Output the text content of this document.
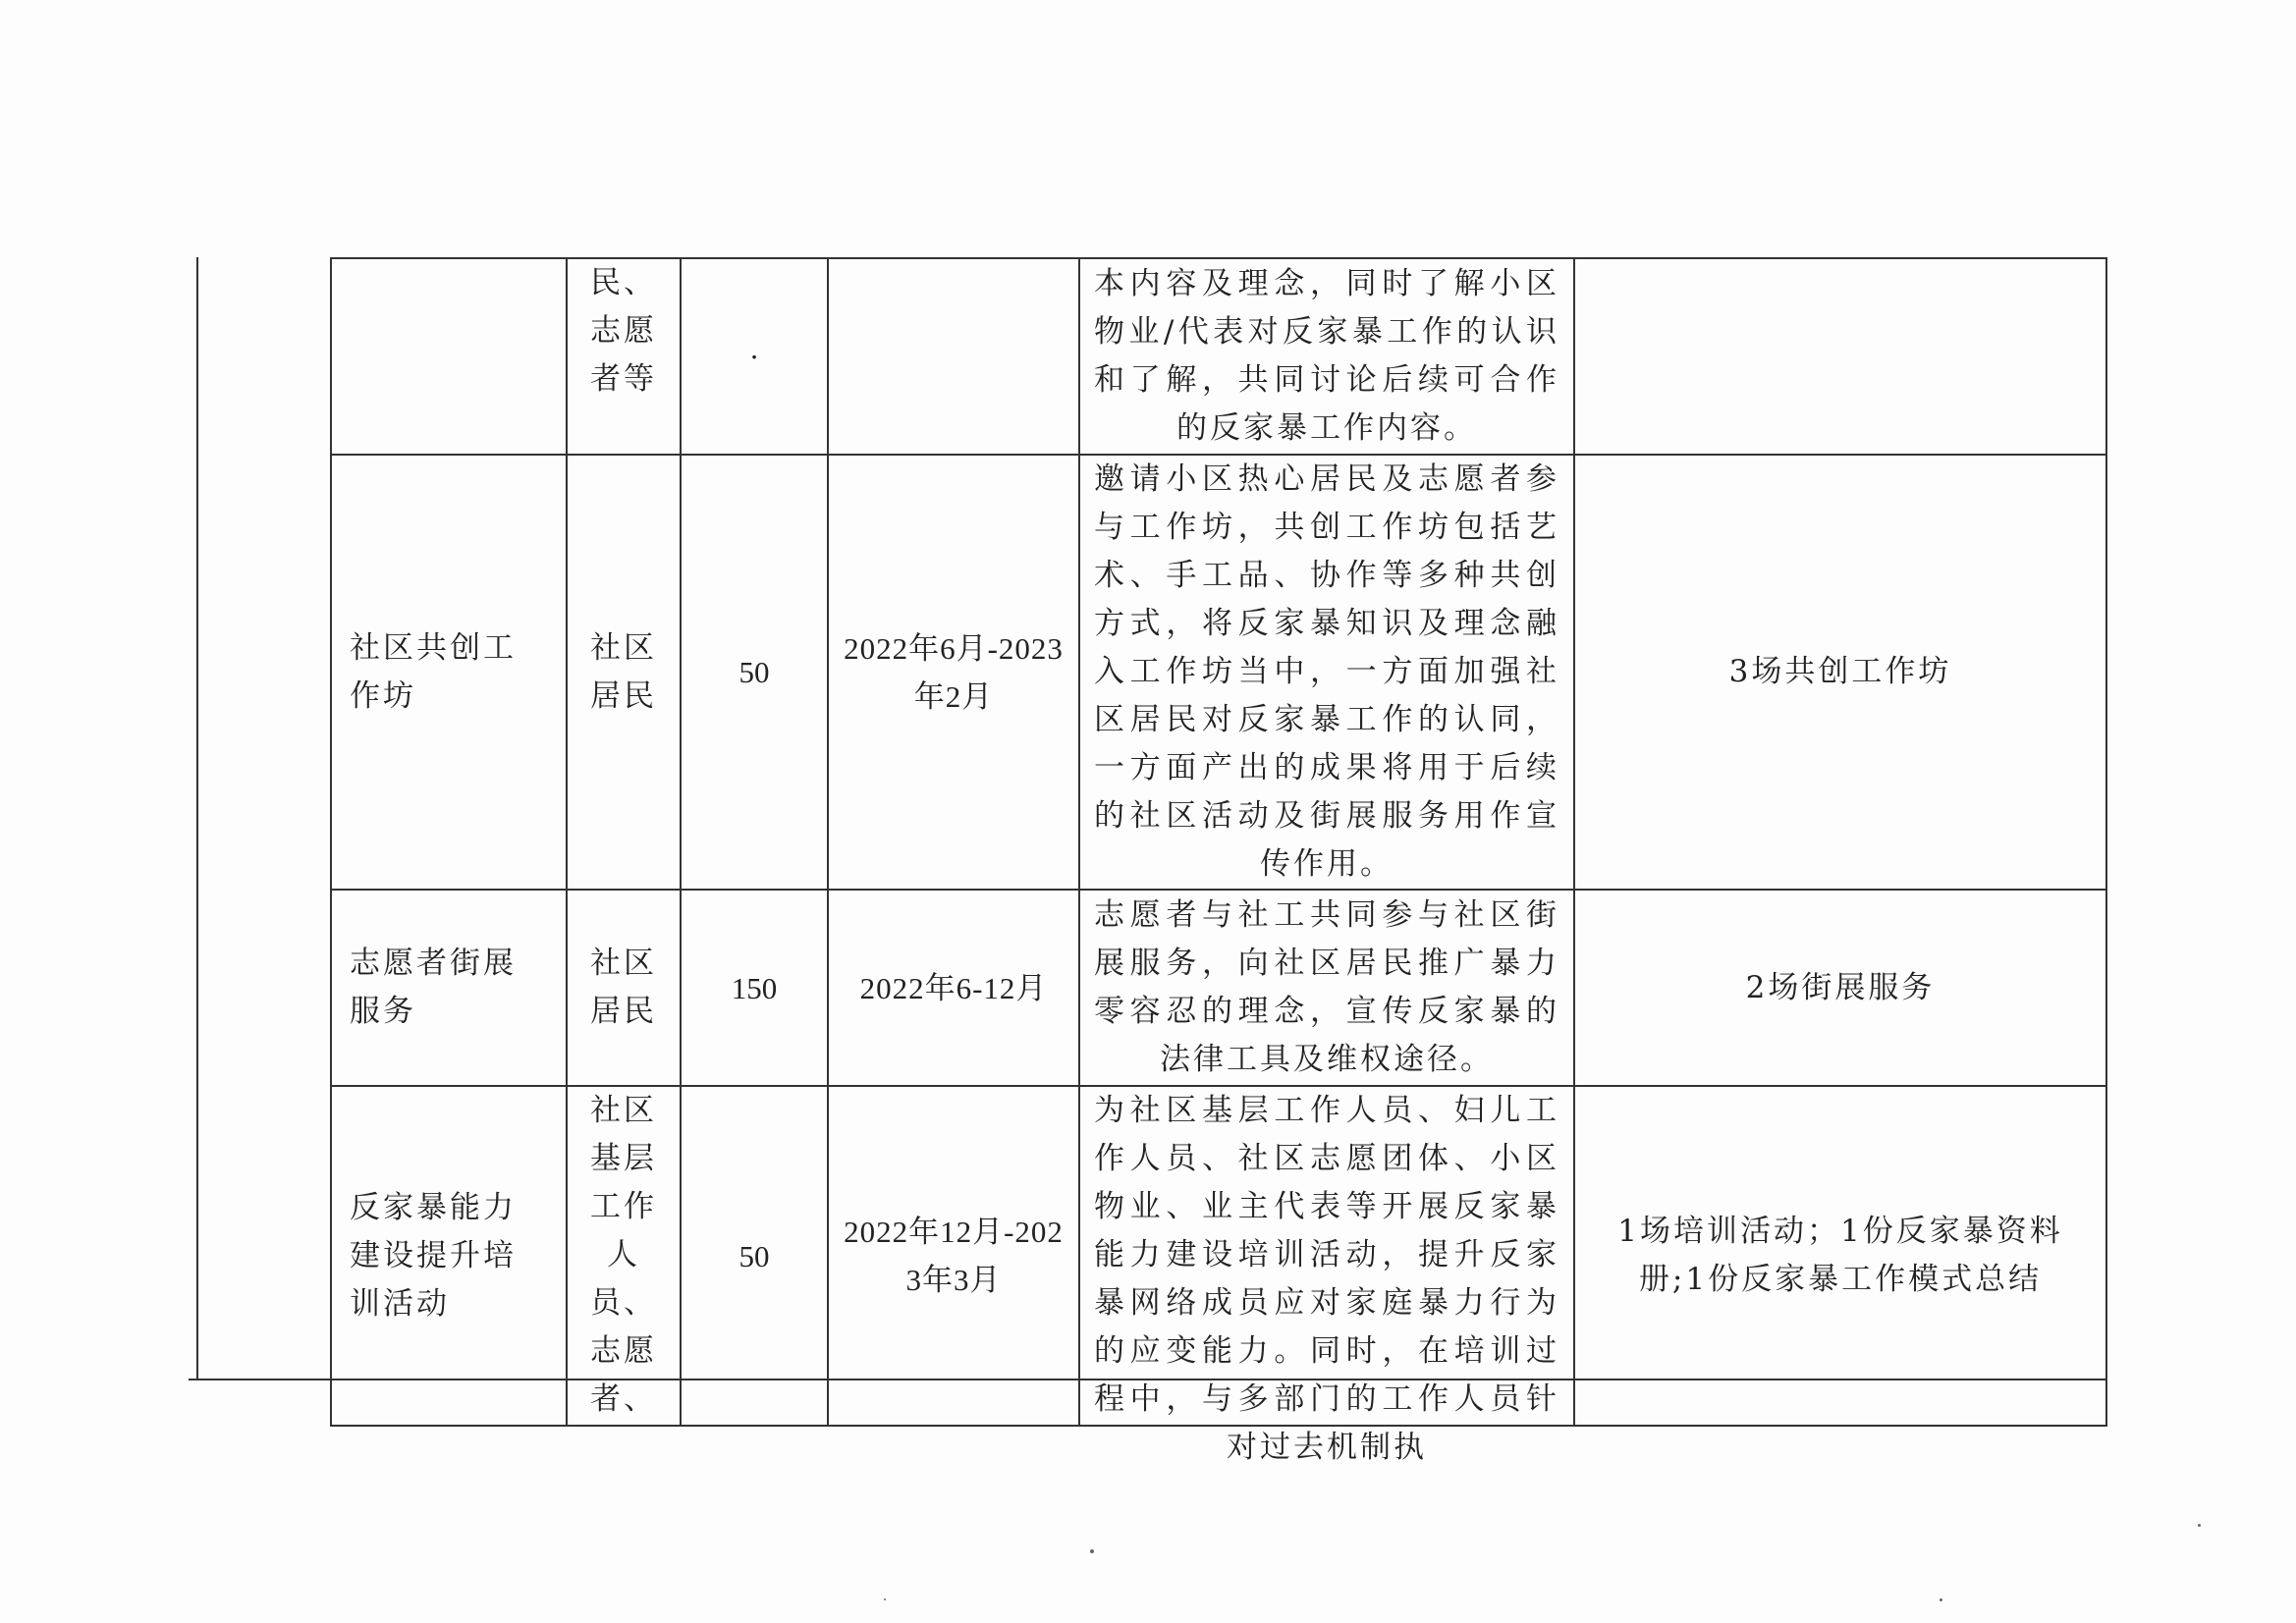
	民、志愿者等	·		本内容及理念，同时了解小区物业/代表对反家暴工作的认识和了解，共同讨论后续可合作的反家暴工作内容。	
社区共创工作坊	社区居民	50	2022年6月-2023年2月	邀请小区热心居民及志愿者参与工作坊，共创工作坊包括艺术、手工品、协作等多种共创方式，将反家暴知识及理念融入工作坊当中，一方面加强社区居民对反家暴工作的认同，一方面产出的成果将用于后续的社区活动及街展服务用作宣传作用。	3场共创工作坊
志愿者街展服务	社区居民	150	2022年6-12月	志愿者与社工共同参与社区街展服务，向社区居民推广暴力零容忍的理念，宣传反家暴的法律工具及维权途径。	2场街展服务
反家暴能力建设提升培训活动	社区基层工作人员、志愿者、	50	2022年12月-2023年3月	为社区基层工作人员、妇儿工作人员、社区志愿团体、小区物业、业主代表等开展反家暴能力建设培训活动，提升反家暴网络成员应对家庭暴力行为的应变能力。同时，在培训过程中，与多部门的工作人员针对过去机制执	1场培训活动；1份反家暴资料册;1份反家暴工作模式总结
